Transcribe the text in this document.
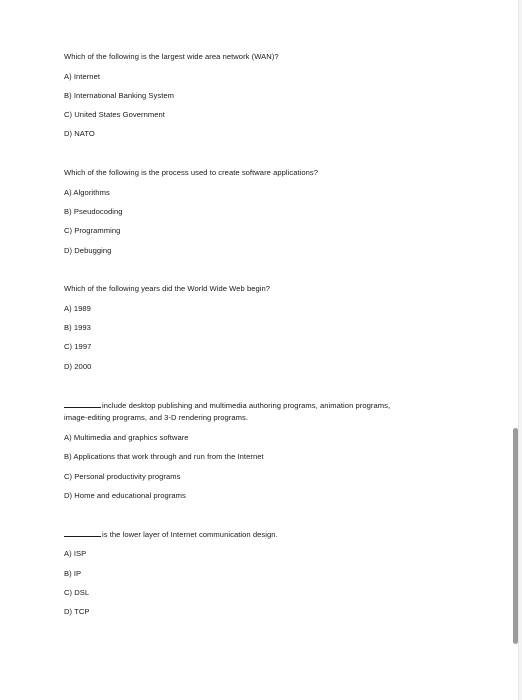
Which of the following is the largest wide area network (WAN)?
A) Internet
B) International Banking System
C) United States Government
D) NATO
Which of the following is the process used to create software applications?
A) Algorithms
B) Pseudocoding
C) Programming
D) Debugging
Which of the following years did the World Wide Web begin?
A) 1989
B) 1993
C) 1997
D) 2000
include desktop publishing and multimedia authoring programs, animation programs,
image-editing programs, and 3-D rendering programs.
A) Multimedia and graphics software
B) Applications that work through and run from the Internet
C) Personal productivity programs
D) Home and educational programs
is the lower layer of Internet communication design.
A) ISP
B) IP
C) DSL
D) TCP
